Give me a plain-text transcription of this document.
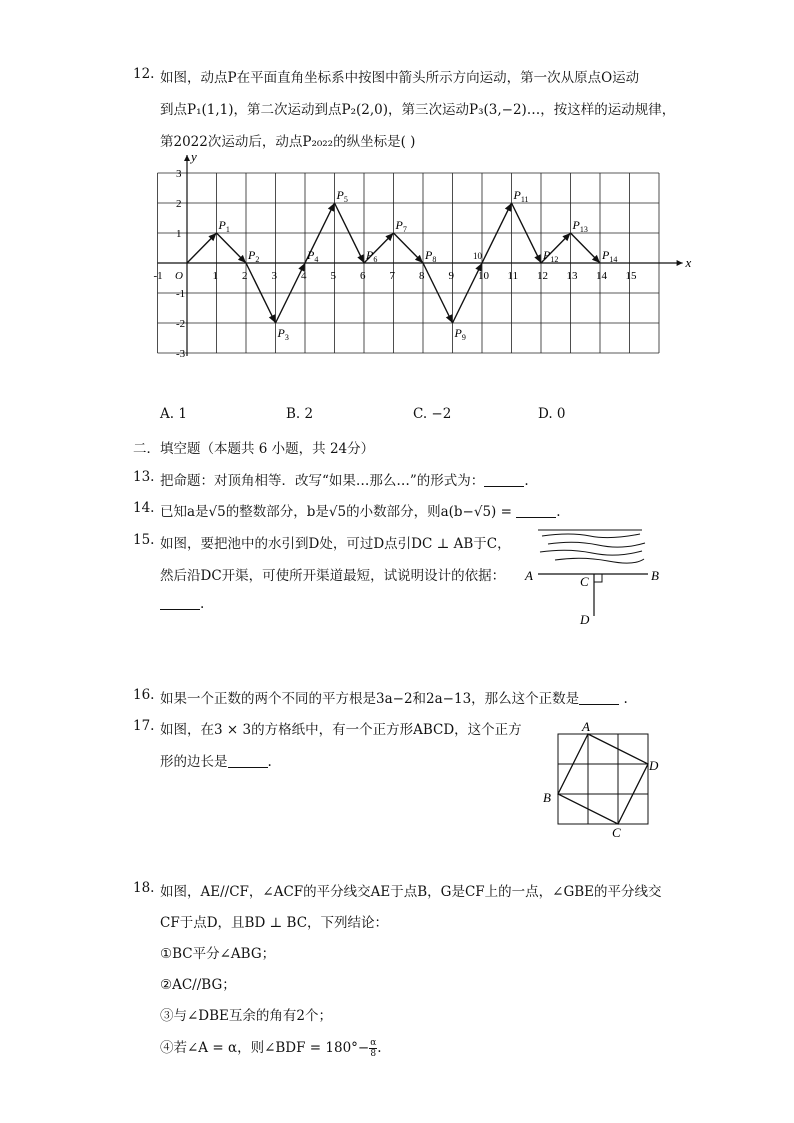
12. 如图，动点P在平面直角坐标系中按图中箭头所示方向运动，第一次从原点O运动
到点P₁(1,1)，第二次运动到点P₂(2,0)，第三次运动P₃(3,−2)…，按这样的运动规律，
第2022次运动后，动点P₂₀₂₂的纵坐标是( )
x
y
-1 O	1 2 3 4 5 6 7 8 9 10 11 12 13 14 15
3
2
1
-1
-2
-3
$P_1$
$P_2$
$P_3$
$P_4$
$P_5$
$P_6$
$P_7$
$P_8$
$P_9$
10
$P_{11}$
$P_{12}$
$P_{13}$
$P_{14}$
A. 1	B. 2	C. −2	D. 0
二．填空题（本题共 6 小题，共 24分）
13. 把命题：对顶角相等．改写“如果…那么…”的形式为：	.
14. 已知a是√5的整数部分，b是√5的小数部分，则a(b−√5) =	.
15. 如图，要把池中的水引到D处，可过D点引DC ⊥ AB于C，
然后沿DC开渠，可使所开渠道最短，试说明设计的依据：
.
A	B
C
D
16. 如果一个正数的两个不同的平方根是3a−2和2a−13，那么这个正数是	.
17. 如图，在3 × 3的方格纸中，有一个正方形ABCD，这个正方
形的边长是	.
A
B
C
D
18. 如图，AE//CF，∠ACF的平分线交AE于点B，G是CF上的一点，∠GBE的平分线交
CF于点D，且BD ⊥ BC，下列结论：
①BC平分∠ABG；
②AC//BG；
③与∠DBE互余的角有2个；
④若∠A = α，则∠BDF = $180^\circ- \frac{\alpha}{8}$ .
